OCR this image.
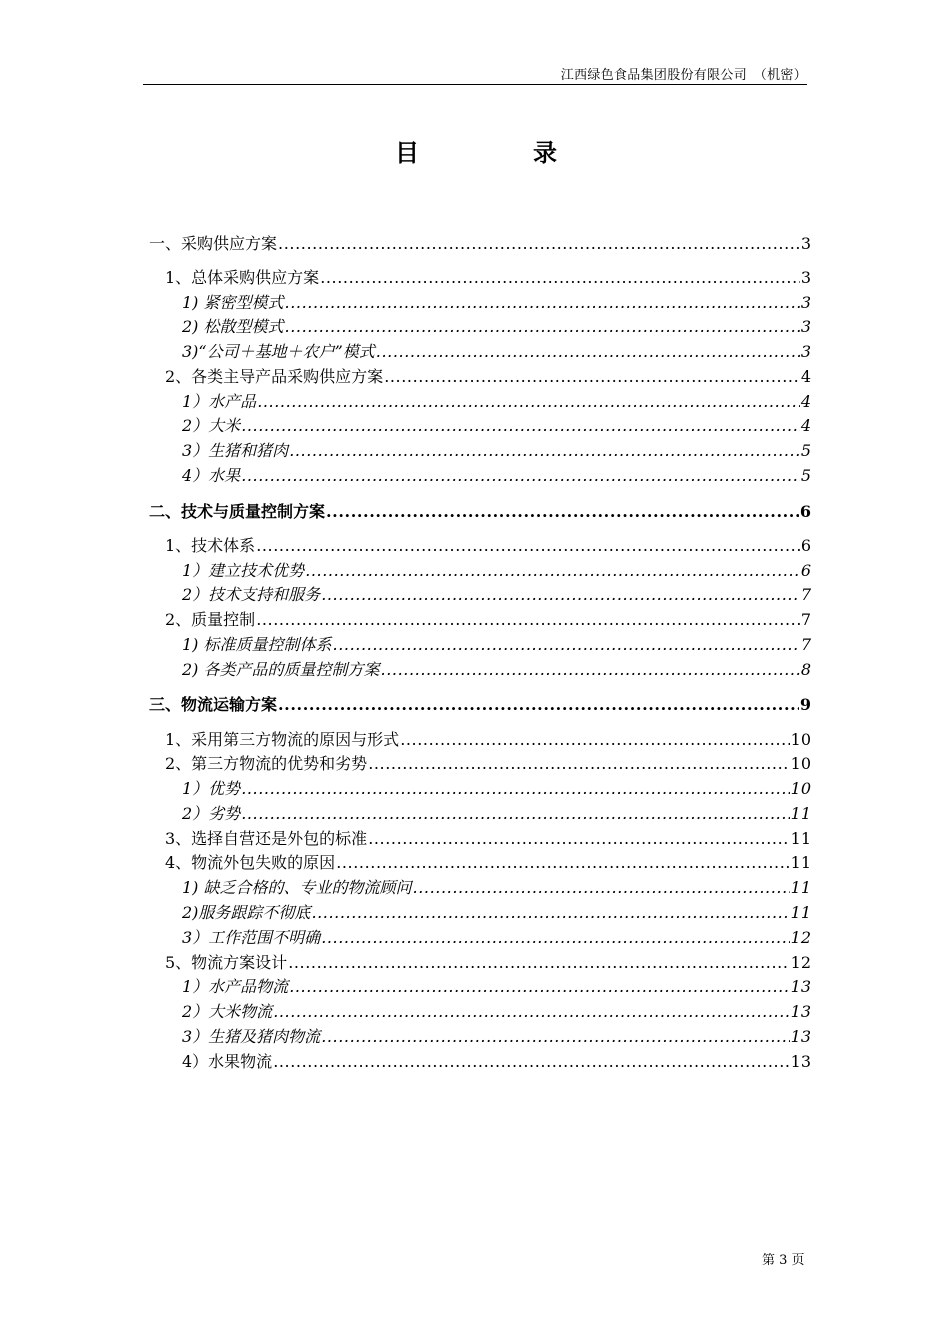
江西绿色食品集团股份有限公司　（机密）
目	录
一、采购供应方案 .....	3
1、总体采购供应方案 .....	3
1) 紧密型模式 .....	3
2) 松散型模式 .....	3
3)“公司＋基地＋农户”模式 .....	3
2、各类主导产品采购供应方案 .....	4
1）水产品 .....	4
2）大米 .....	4
3）生猪和猪肉 .....	5
4）水果 .....	5
二、技术与质量控制方案 .....	6
1、技术体系 .....	6
1）建立技术优势 .....	6
2）技术支持和服务 .....	7
2、质量控制 .....	7
1) 标准质量控制体系 .....	7
2) 各类产品的质量控制方案 .....	8
三、物流运输方案 .....	9
1、采用第三方物流的原因与形式 .....	10
2、第三方物流的优势和劣势 .....	10
1）优势 .....	10
2）劣势 .....	11
3、选择自营还是外包的标准 .....	11
4、物流外包失败的原因 .....	11
1) 缺乏合格的、专业的物流顾问 .....	11
2)服务跟踪不彻底 .....	11
3）工作范围不明确 .....	12
5、物流方案设计 .....	12
1）水产品物流 .....	13
2）大米物流 .....	13
3）生猪及猪肉物流 .....	13
4）水果物流 .....	13
第 3 页
